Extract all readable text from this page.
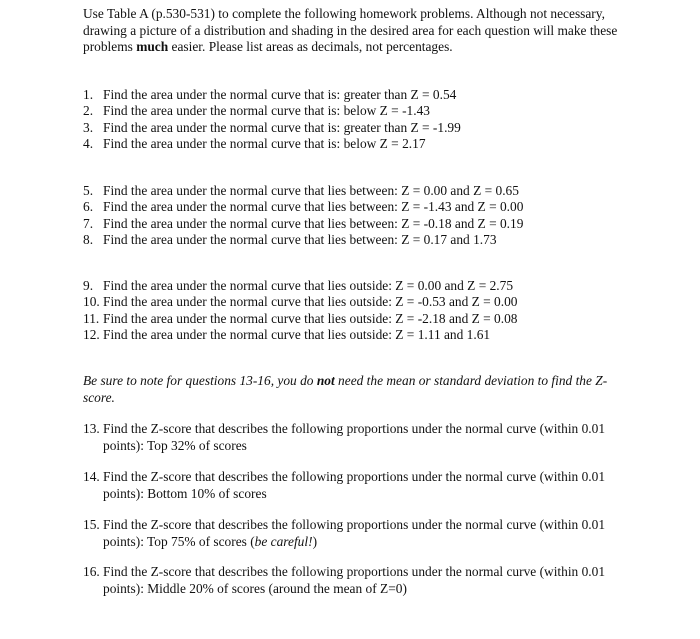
Use Table A (p.530-531) to complete the following homework problems. Although not necessary, drawing a picture of a distribution and shading in the desired area for each question will make these problems much easier. Please list areas as decimals, not percentages.

1. Find the area under the normal curve that is: greater than Z = 0.54
2. Find the area under the normal curve that is: below Z = -1.43
3. Find the area under the normal curve that is: greater than Z = -1.99
4. Find the area under the normal curve that is: below Z = 2.17
5. Find the area under the normal curve that lies between: Z = 0.00 and Z = 0.65
6. Find the area under the normal curve that lies between: Z = -1.43 and Z = 0.00
7. Find the area under the normal curve that lies between: Z = -0.18 and Z = 0.19
8. Find the area under the normal curve that lies between: Z = 0.17 and 1.73
9. Find the area under the normal curve that lies outside: Z = 0.00 and Z = 2.75
10. Find the area under the normal curve that lies outside: Z = -0.53 and Z = 0.00
11. Find the area under the normal curve that lies outside: Z = -2.18 and Z = 0.08
12. Find the area under the normal curve that lies outside: Z = 1.11 and 1.61

Be sure to note for questions 13-16, you do not need the mean or standard deviation to find the Z-score.

13. Find the Z-score that describes the following proportions under the normal curve (within 0.01 points): Top 32% of scores
14. Find the Z-score that describes the following proportions under the normal curve (within 0.01 points): Bottom 10% of scores
15. Find the Z-score that describes the following proportions under the normal curve (within 0.01 points): Top 75% of scores (be careful!)
16. Find the Z-score that describes the following proportions under the normal curve (within 0.01 points): Middle 20% of scores (around the mean of Z=0)
